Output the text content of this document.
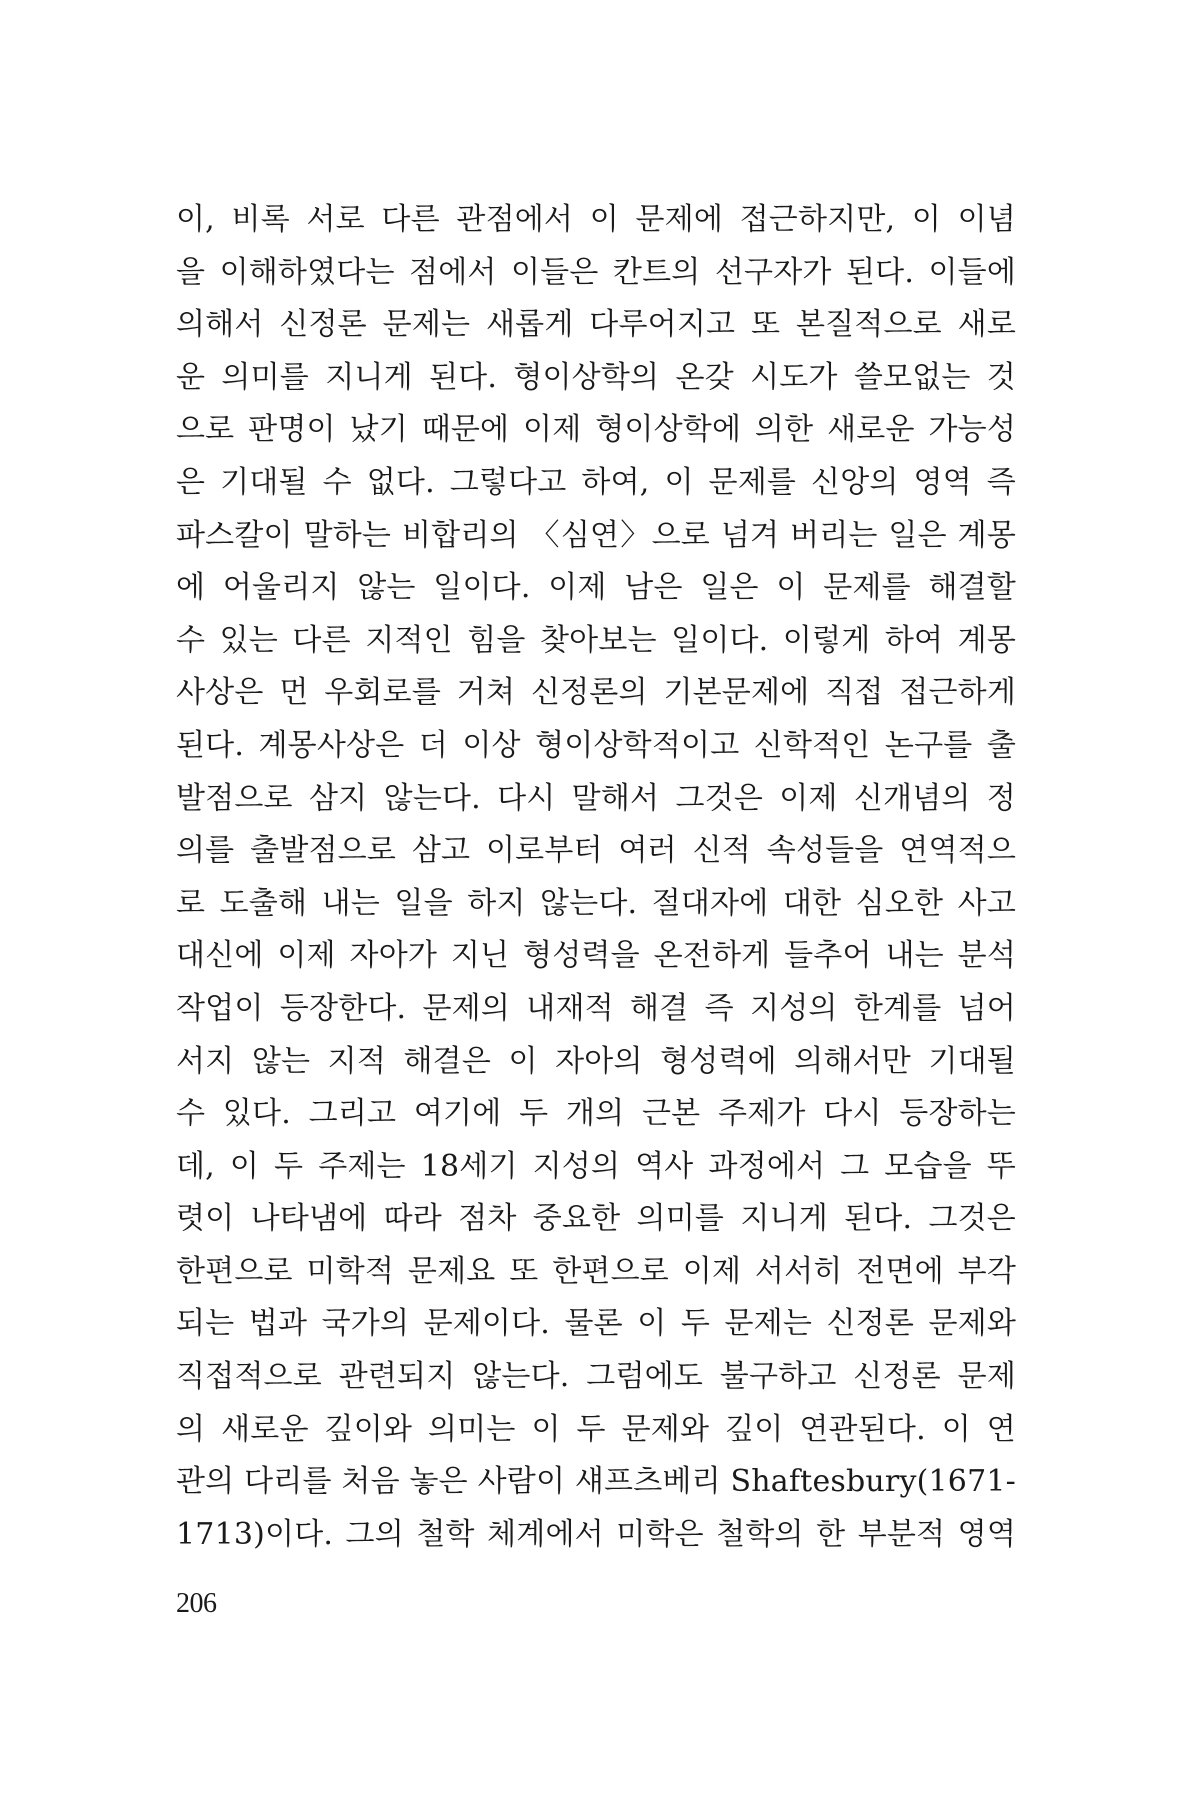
이, 비록 서로 다른 관점에서 이 문제에 접근하지만, 이 이념
을 이해하였다는 점에서 이들은 칸트의 선구자가 된다. 이들에
의해서 신정론 문제는 새롭게 다루어지고 또 본질적으로 새로
운 의미를 지니게 된다. 형이상학의 온갖 시도가 쓸모없는 것
으로 판명이 났기 때문에 이제 형이상학에 의한 새로운 가능성
은 기대될 수 없다. 그렇다고 하여, 이 문제를 신앙의 영역 즉
파스칼이 말하는 비합리의 〈심연〉으로 넘겨 버리는 일은 계몽
에 어울리지 않는 일이다. 이제 남은 일은 이 문제를 해결할
수 있는 다른 지적인 힘을 찾아보는 일이다. 이렇게 하여 계몽
사상은 먼 우회로를 거쳐 신정론의 기본문제에 직접 접근하게
된다. 계몽사상은 더 이상 형이상학적이고 신학적인 논구를 출
발점으로 삼지 않는다. 다시 말해서 그것은 이제 신개념의 정
의를 출발점으로 삼고 이로부터 여러 신적 속성들을 연역적으
로 도출해 내는 일을 하지 않는다. 절대자에 대한 심오한 사고
대신에 이제 자아가 지닌 형성력을 온전하게 들추어 내는 분석
작업이 등장한다. 문제의 내재적 해결 즉 지성의 한계를 넘어
서지 않는 지적 해결은 이 자아의 형성력에 의해서만 기대될
수 있다. 그리고 여기에 두 개의 근본 주제가 다시 등장하는
데, 이 두 주제는 18세기 지성의 역사 과정에서 그 모습을 뚜
렷이 나타냄에 따라 점차 중요한 의미를 지니게 된다. 그것은
한편으로 미학적 문제요 또 한편으로 이제 서서히 전면에 부각
되는 법과 국가의 문제이다. 물론 이 두 문제는 신정론 문제와
직접적으로 관련되지 않는다. 그럼에도 불구하고 신정론 문제
의 새로운 깊이와 의미는 이 두 문제와 깊이 연관된다. 이 연
관의 다리를 처음 놓은 사람이 섀프츠베리 Shaftesbury(1671-
1713)이다. 그의 철학 체계에서 미학은 철학의 한 부분적 영역
206
